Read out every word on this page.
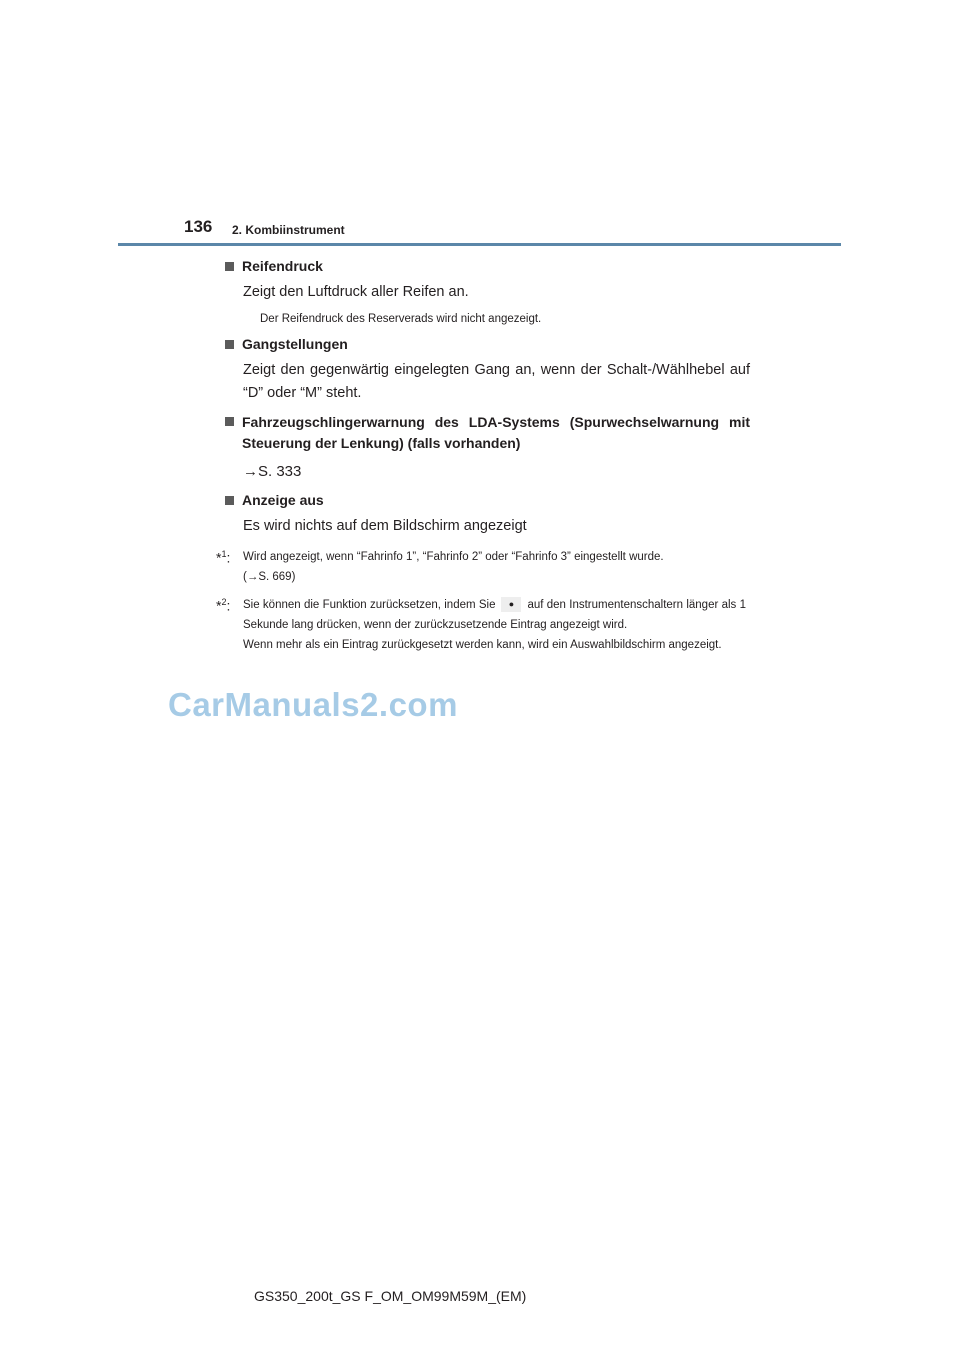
136 2. Kombiinstrument
Reifendruck
Zeigt den Luftdruck aller Reifen an.
Der Reifendruck des Reserverads wird nicht angezeigt.
Gangstellungen
Zeigt den gegenwärtig eingelegten Gang an, wenn der Schalt-/Wählhebel auf “D” oder “M” steht.
Fahrzeugschlingerwarnung des LDA-Systems (Spurwechselwarnung mit Steuerung der Lenkung) (falls vorhanden)
→S. 333
Anzeige aus
Es wird nichts auf dem Bildschirm angezeigt
*$^1$: Wird angezeigt, wenn “Fahrinfo 1”, “Fahrinfo 2” oder “Fahrinfo 3” eingestellt wurde.
(→S. 669)
*$^2$: Sie können die Funktion zurücksetzen, indem Sie ● auf den Instrumentenschaltern länger als 1 Sekunde lang drücken, wenn der zurückzusetzende Eintrag angezeigt wird.
Wenn mehr als ein Eintrag zurückgesetzt werden kann, wird ein Auswahlbildschirm angezeigt.
CarManuals2.com
GS350_200t_GS F_OM_OM99M59M_(EM)
